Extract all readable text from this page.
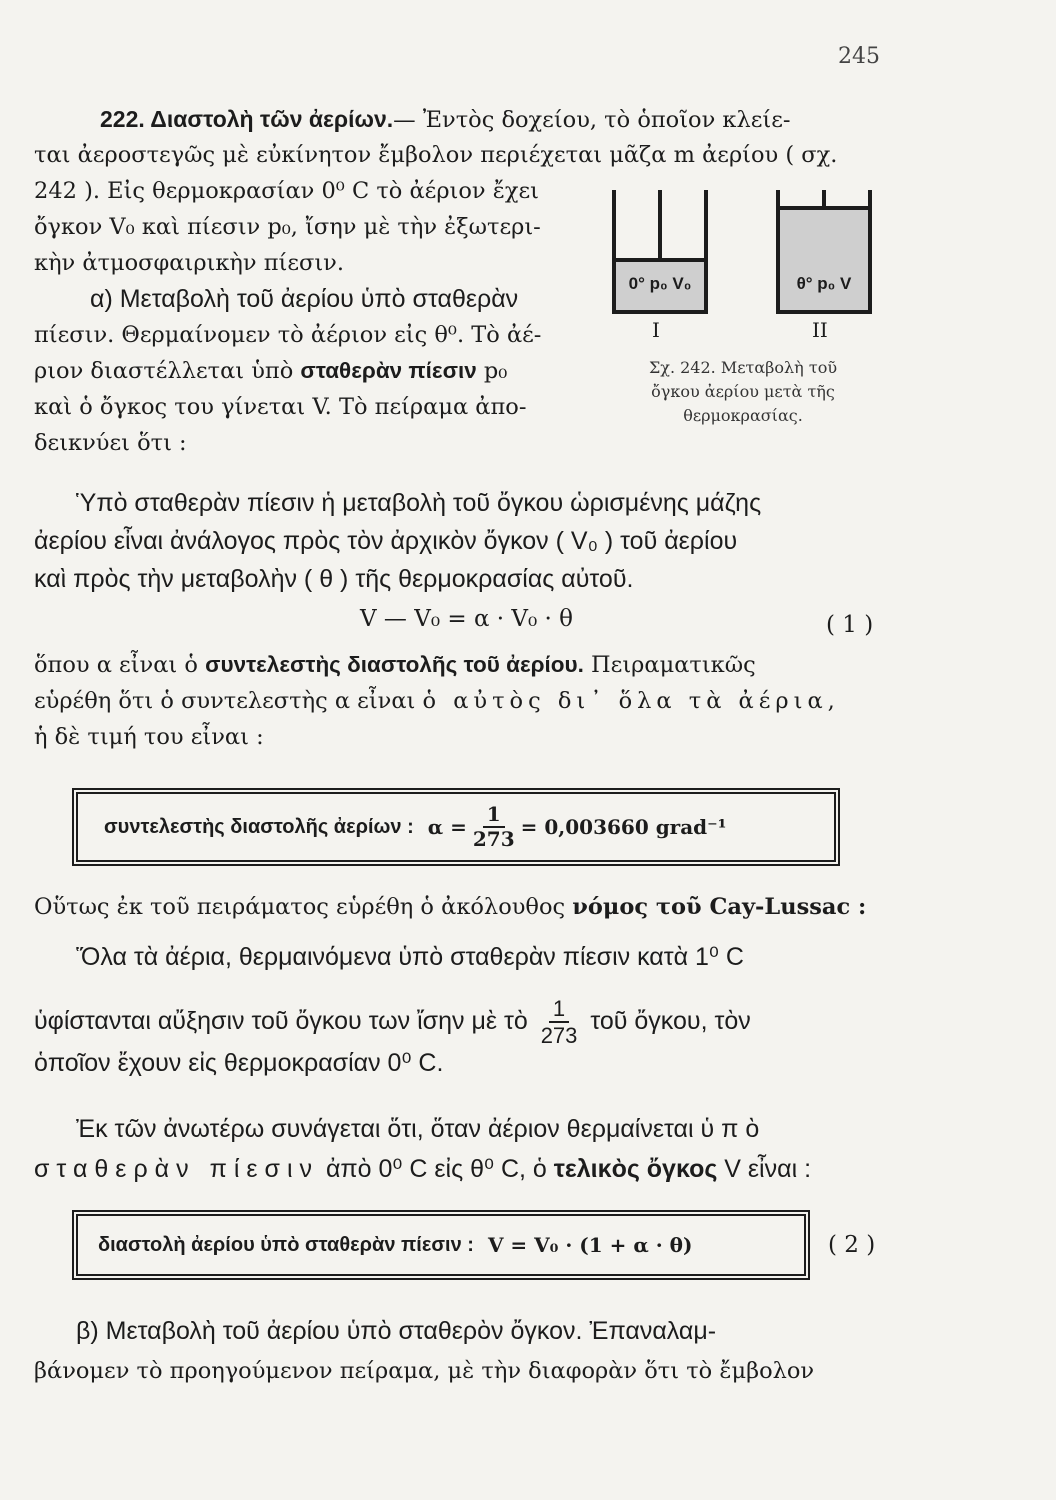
245
222. Διαστολὴ τῶν ἀερίων.— Ἐντὸς δοχείου, τὸ ὁποῖον κλείε-
ται ἀεροστεγῶς μὲ εὐκίνητον ἔμβολον περιέχεται μᾶζα m ἀερίου ( σχ.
242 ). Εἰς θερμοκρασίαν 0⁰ C τὸ ἀέριον ἔχει
ὄγκον V₀ καὶ πίεσιν p₀, ἴσην μὲ τὴν ἐξωτερι-
κὴν ἀτμοσφαιρικὴν πίεσιν.
α) Μεταβολὴ τοῦ ἀερίου ὑπὸ σταθερὰν
πίεσιν. Θερμαίνομεν τὸ ἀέριον εἰς θ⁰. Τὸ ἀέ-
ριον διαστέλλεται ὑπὸ σταθερὰν πίεσιν p₀
καὶ ὁ ὄγκος του γίνεται V. Τὸ πείραμα ἀπο-
δεικνύει ὅτι :
0° p₀ V₀	θ° p₀ V
I	II
Σχ. 242. Μεταβολὴ τοῦ
ὄγκου ἀερίου μετὰ τῆς
θερμοκρασίας.
Ὑπὸ σταθερὰν πίεσιν ἡ μεταβολὴ τοῦ ὄγκου ὡρισμένης μάζης
ἀερίου εἶναι ἀνάλογος πρὸς τὸν ἀρχικὸν ὄγκον ( V₀ ) τοῦ ἀερίου
καὶ πρὸς τὴν μεταβολὴν ( θ ) τῆς θερμοκρασίας αὐτοῦ.
V — V₀ = α · V₀ · θ	( 1 )
ὅπου α εἶναι ὁ συντελεστὴς διαστολῆς τοῦ ἀερίου. Πειραματικῶς
εὑρέθη ὅτι ὁ συντελεστὴς α εἶναι ὁ αὐτὸς δι᾽ ὅλα τὰ ἀέρια,
ἡ δὲ τιμή του εἶναι :
συντελεστὴς διαστολῆς ἀερίων : $\alpha = \frac{1}{273} = 0,003660$ grad⁻¹
Οὕτως ἐκ τοῦ πειράματος εὑρέθη ὁ ἀκόλουθος νόμος τοῦ Cay-Lussac :
Ὅλα τὰ ἀέρια, θερμαινόμενα ὑπὸ σταθερὰν πίεσιν κατὰ 1⁰ C
ὑφίστανται αὔξησιν τοῦ ὄγκου των ἴσην μὲ τὸ $\frac{1}{273}$ τοῦ ὄγκου, τὸν
ὁποῖον ἔχουν εἰς θερμοκρασίαν 0⁰ C.
Ἐκ τῶν ἀνωτέρω συνάγεται ὅτι, ὅταν ἀέριον θερμαίνεται ὑπὸ
σταθερὰν πίεσιν ἀπὸ 0⁰ C εἰς θ⁰ C, ὁ τελικὸς ὄγκος V εἶναι :
διαστολὴ ἀερίου ὑπὸ σταθερὰν πίεσιν : V = V₀ · (1 + α · θ)	( 2 )
β) Μεταβολὴ τοῦ ἀερίου ὑπὸ σταθερὸν ὄγκον. Ἐπαναλαμ-
βάνομεν τὸ προηγούμενον πείραμα, μὲ τὴν διαφορὰν ὅτι τὸ ἔμβολον
